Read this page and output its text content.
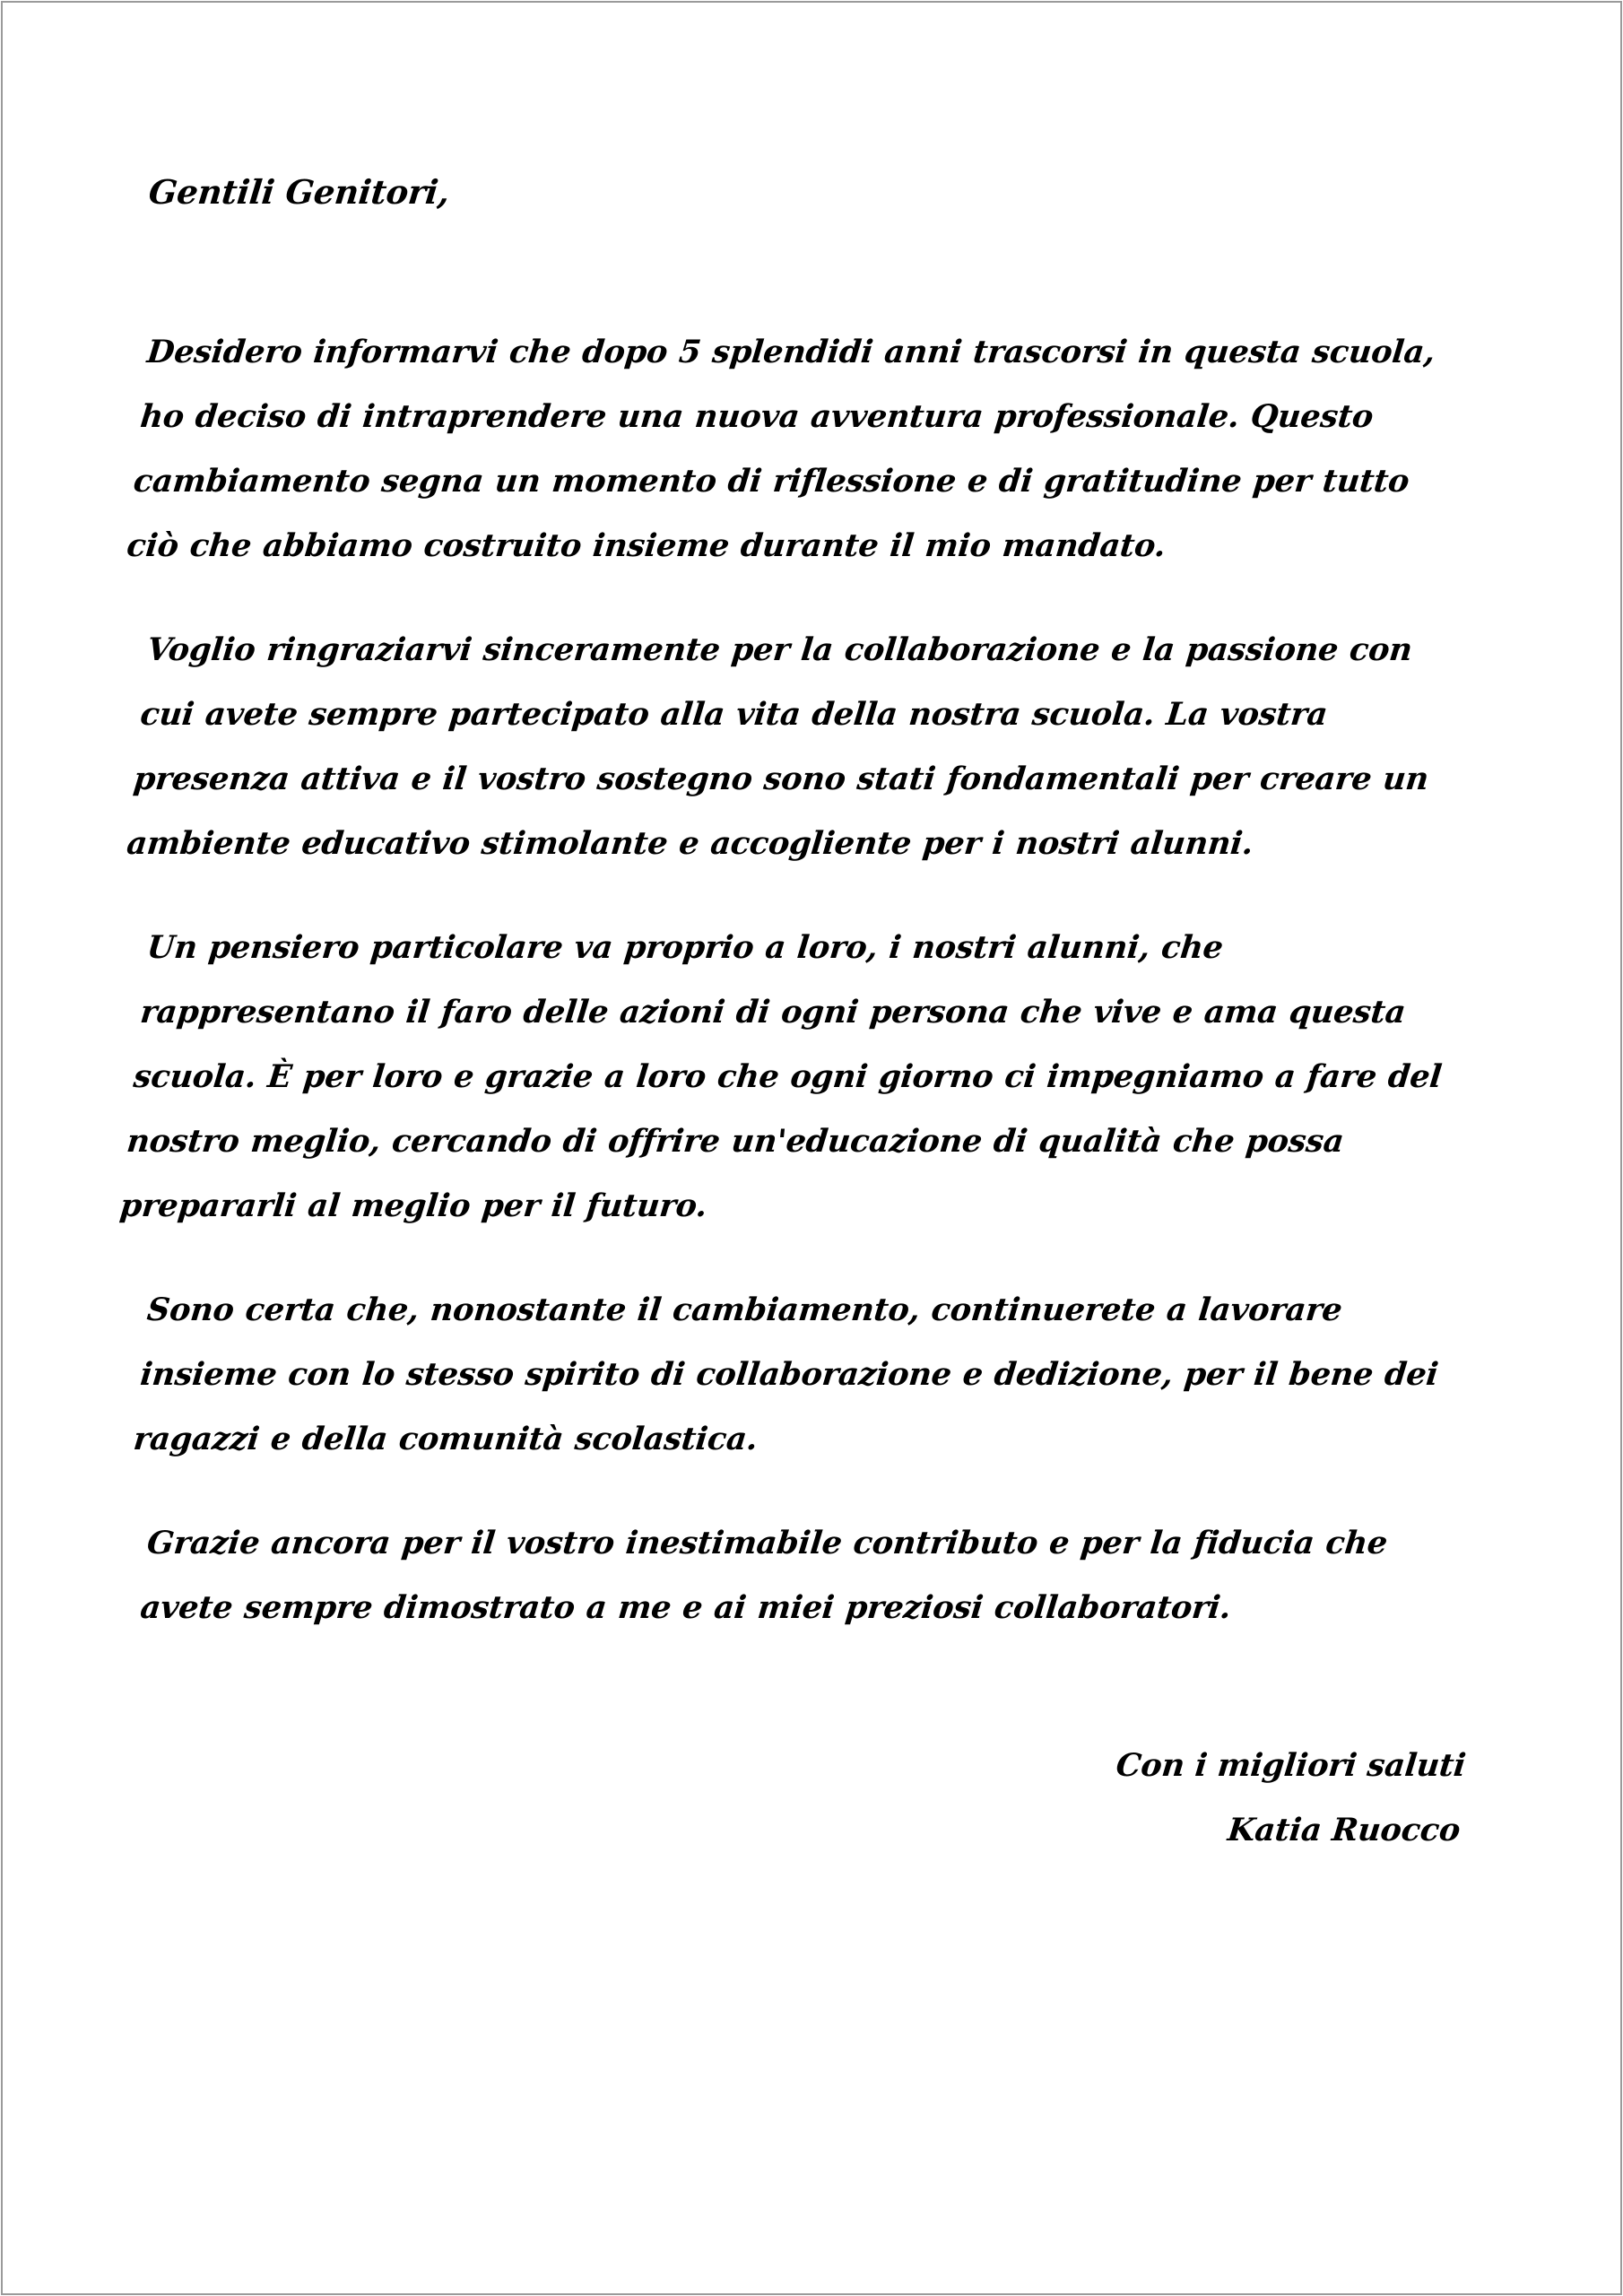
Gentili Genitori,

Desidero informarvi che dopo 5 splendidi anni trascorsi in questa scuola, ho deciso di intraprendere una nuova avventura professionale. Questo cambiamento segna un momento di riflessione e di gratitudine per tutto ciò che abbiamo costruito insieme durante il mio mandato.

Voglio ringraziarvi sinceramente per la collaborazione e la passione con cui avete sempre partecipato alla vita della nostra scuola. La vostra presenza attiva e il vostro sostegno sono stati fondamentali per creare un ambiente educativo stimolante e accogliente per i nostri alunni.

Un pensiero particolare va proprio a loro, i nostri alunni, che rappresentano il faro delle azioni di ogni persona che vive e ama questa scuola. È per loro e grazie a loro che ogni giorno ci impegniamo a fare del nostro meglio, cercando di offrire un'educazione di qualità che possa prepararli al meglio per il futuro.

Sono certa che, nonostante il cambiamento, continuerete a lavorare insieme con lo stesso spirito di collaborazione e dedizione, per il bene dei ragazzi e della comunità scolastica.

Grazie ancora per il vostro inestimabile contributo e per la fiducia che avete sempre dimostrato a me e ai miei preziosi collaboratori.

Con i migliori saluti
Katia Ruocco
